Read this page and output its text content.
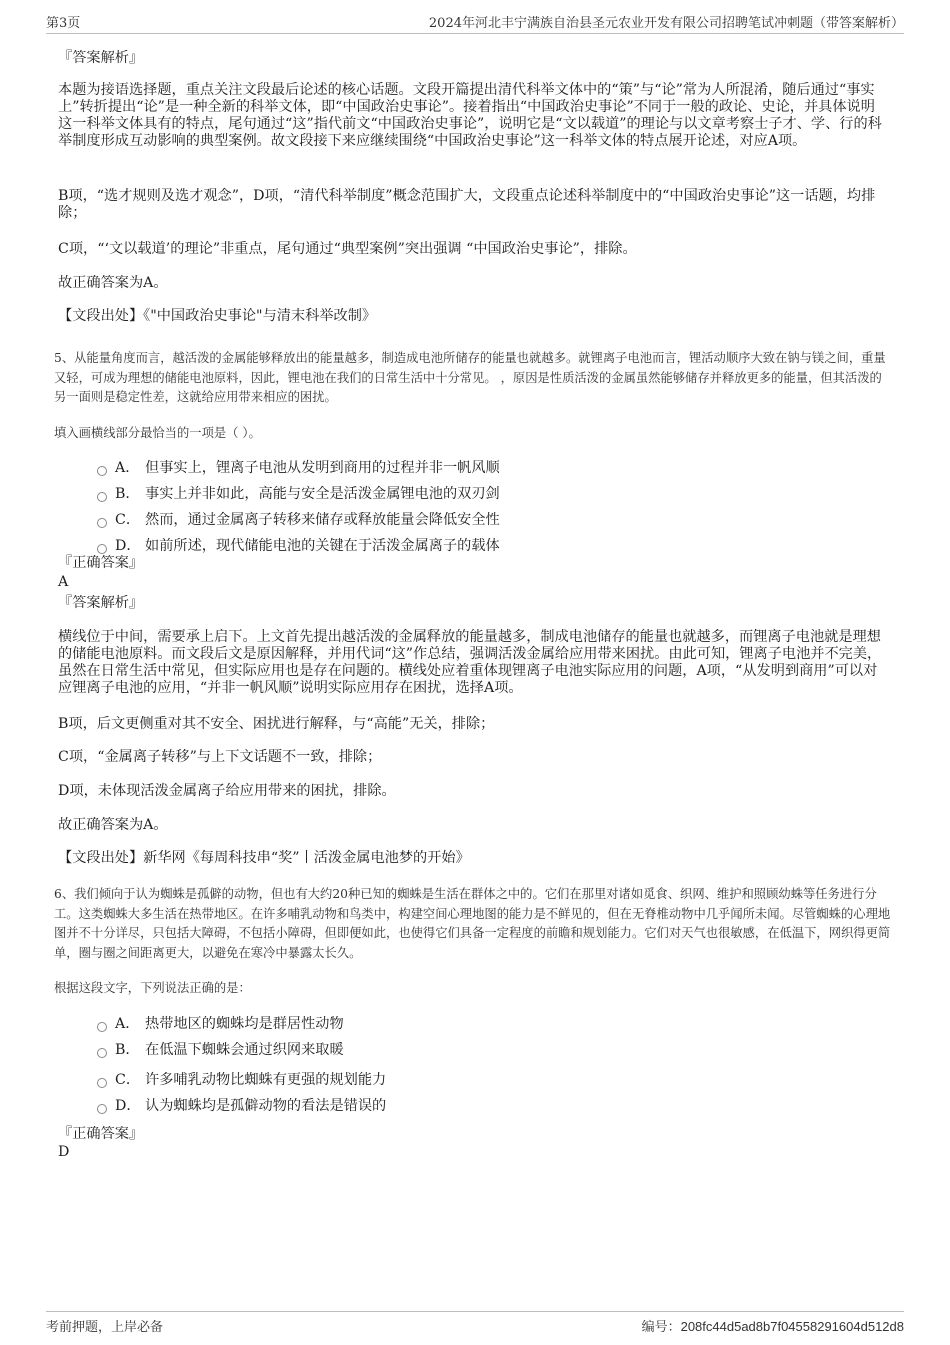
第3页	2024年河北丰宁满族自治县圣元农业开发有限公司招聘笔试冲刺题（带答案解析）
『答案解析』
本题为接语选择题，重点关注文段最后论述的核心话题。文段开篇提出清代科举文体中的“策”与“论”常为人所混淆，随后通过“事实上”转折提出“论”是一种全新的科举文体，即“中国政治史事论”。接着指出“中国政治史事论”不同于一般的政论、史论，并具体说明这一科举文体具有的特点，尾句通过“这”指代前文“中国政治史事论”，说明它是“文以载道”的理论与以文章考察士子才、学、行的科举制度形成互动影响的典型案例。故文段接下来应继续围绕“中国政治史事论”这一科举文体的特点展开论述，对应A项。
B项，“选才规则及选才观念”，D项，“清代科举制度”概念范围扩大，文段重点论述科举制度中的“中国政治史事论”这一话题，均排除；
C项，“‘文以载道’的理论”非重点，尾句通过“典型案例”突出强调 “中国政治史事论”，排除。
故正确答案为A。
【文段出处】《"中国政治史事论"与清末科举改制》
5、从能量角度而言，越活泼的金属能够释放出的能量越多，制造成电池所储存的能量也就越多。就锂离子电池而言，锂活动顺序大致在钠与镁之间，重量又轻，可成为理想的储能电池原料，因此，锂电池在我们的日常生活中十分常见。 ，原因是性质活泼的金属虽然能够储存并释放更多的能量，但其活泼的另一面则是稳定性差，这就给应用带来相应的困扰。
填入画横线部分最恰当的一项是（ ）。
A． 但事实上，锂离子电池从发明到商用的过程并非一帆风顺
B． 事实上并非如此，高能与安全是活泼金属锂电池的双刃剑
C． 然而，通过金属离子转移来储存或释放能量会降低安全性
D． 如前所述，现代储能电池的关键在于活泼金属离子的载体
『正确答案』
A
『答案解析』
横线位于中间，需要承上启下。上文首先提出越活泼的金属释放的能量越多，制成电池储存的能量也就越多，而锂离子电池就是理想的储能电池原料。而文段后文是原因解释，并用代词“这”作总结，强调活泼金属给应用带来困扰。由此可知，锂离子电池并不完美，虽然在日常生活中常见，但实际应用也是存在问题的。横线处应着重体现锂离子电池实际应用的问题，A项，“从发明到商用”可以对应锂离子电池的应用，“并非一帆风顺”说明实际应用存在困扰，选择A项。
B项，后文更侧重对其不安全、困扰进行解释，与“高能”无关，排除；
C项，“金属离子转移”与上下文话题不一致，排除；
D项，未体现活泼金属离子给应用带来的困扰，排除。
故正确答案为A。
【文段出处】新华网《每周科技串“奖”丨活泼金属电池梦的开始》
6、我们倾向于认为蜘蛛是孤僻的动物，但也有大约20种已知的蜘蛛是生活在群体之中的。它们在那里对诸如觅食、织网、维护和照顾幼蛛等任务进行分工。这类蜘蛛大多生活在热带地区。在许多哺乳动物和鸟类中，构建空间心理地图的能力是不鲜见的，但在无脊椎动物中几乎闻所未闻。尽管蜘蛛的心理地图并不十分详尽，只包括大障碍，不包括小障碍，但即便如此，也使得它们具备一定程度的前瞻和规划能力。它们对天气也很敏感，在低温下，网织得更简单，圈与圈之间距离更大，以避免在寒冷中暴露太长久。
根据这段文字，下列说法正确的是：
A． 热带地区的蜘蛛均是群居性动物
B． 在低温下蜘蛛会通过织网来取暖
C． 许多哺乳动物比蜘蛛有更强的规划能力
D． 认为蜘蛛均是孤僻动物的看法是错误的
『正确答案』
D
考前押题，上岸必备	编号：208fc44d5ad8b7f04558291604d512d8
